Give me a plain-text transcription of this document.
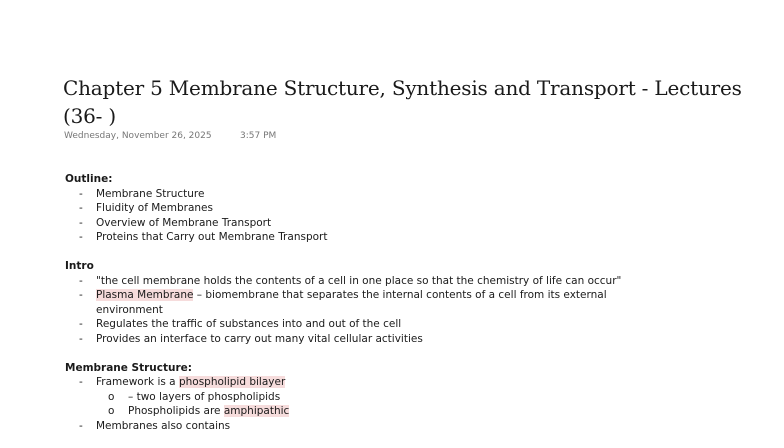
Chapter 5 Membrane Structure, Synthesis and Transport - Lectures (36- )
Wednesday, November 26, 2025	3:57 PM

Outline:

- Membrane Structure
- Fluidity of Membranes
- Overview of Membrane Transport
- Proteins that Carry out Membrane Transport

Intro

- "the cell membrane holds the contents of a cell in one place so that the chemistry of life can occur"
- Plasma Membrane – biomembrane that separates the internal contents of a cell from its external environment
- Regulates the traffic of substances into and out of the cell
- Provides an interface to carry out many vital cellular activities

Membrane Structure:

- Framework is a phospholipid bilayer
o – two layers of phospholipids
o Phospholipids are amphipathic
- Membranes also contains
